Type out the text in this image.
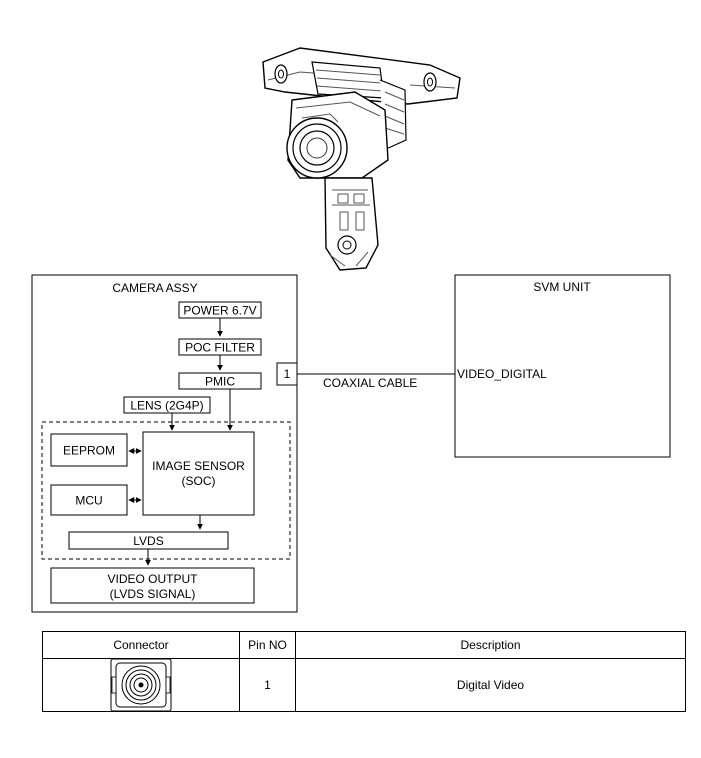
CAMERA ASSY
POWER 6.7V
POC FILTER
PMIC
1
LENS (2G4P)
EEPROM
IMAGE SENSOR
(SOC)
MCU
LVDS
VIDEO OUTPUT
(LVDS SIGNAL)
COAXIAL CABLE
SVM UNIT
VIDEO_DIGITAL
Connector	Pin NO	Description

	1	Digital Video
